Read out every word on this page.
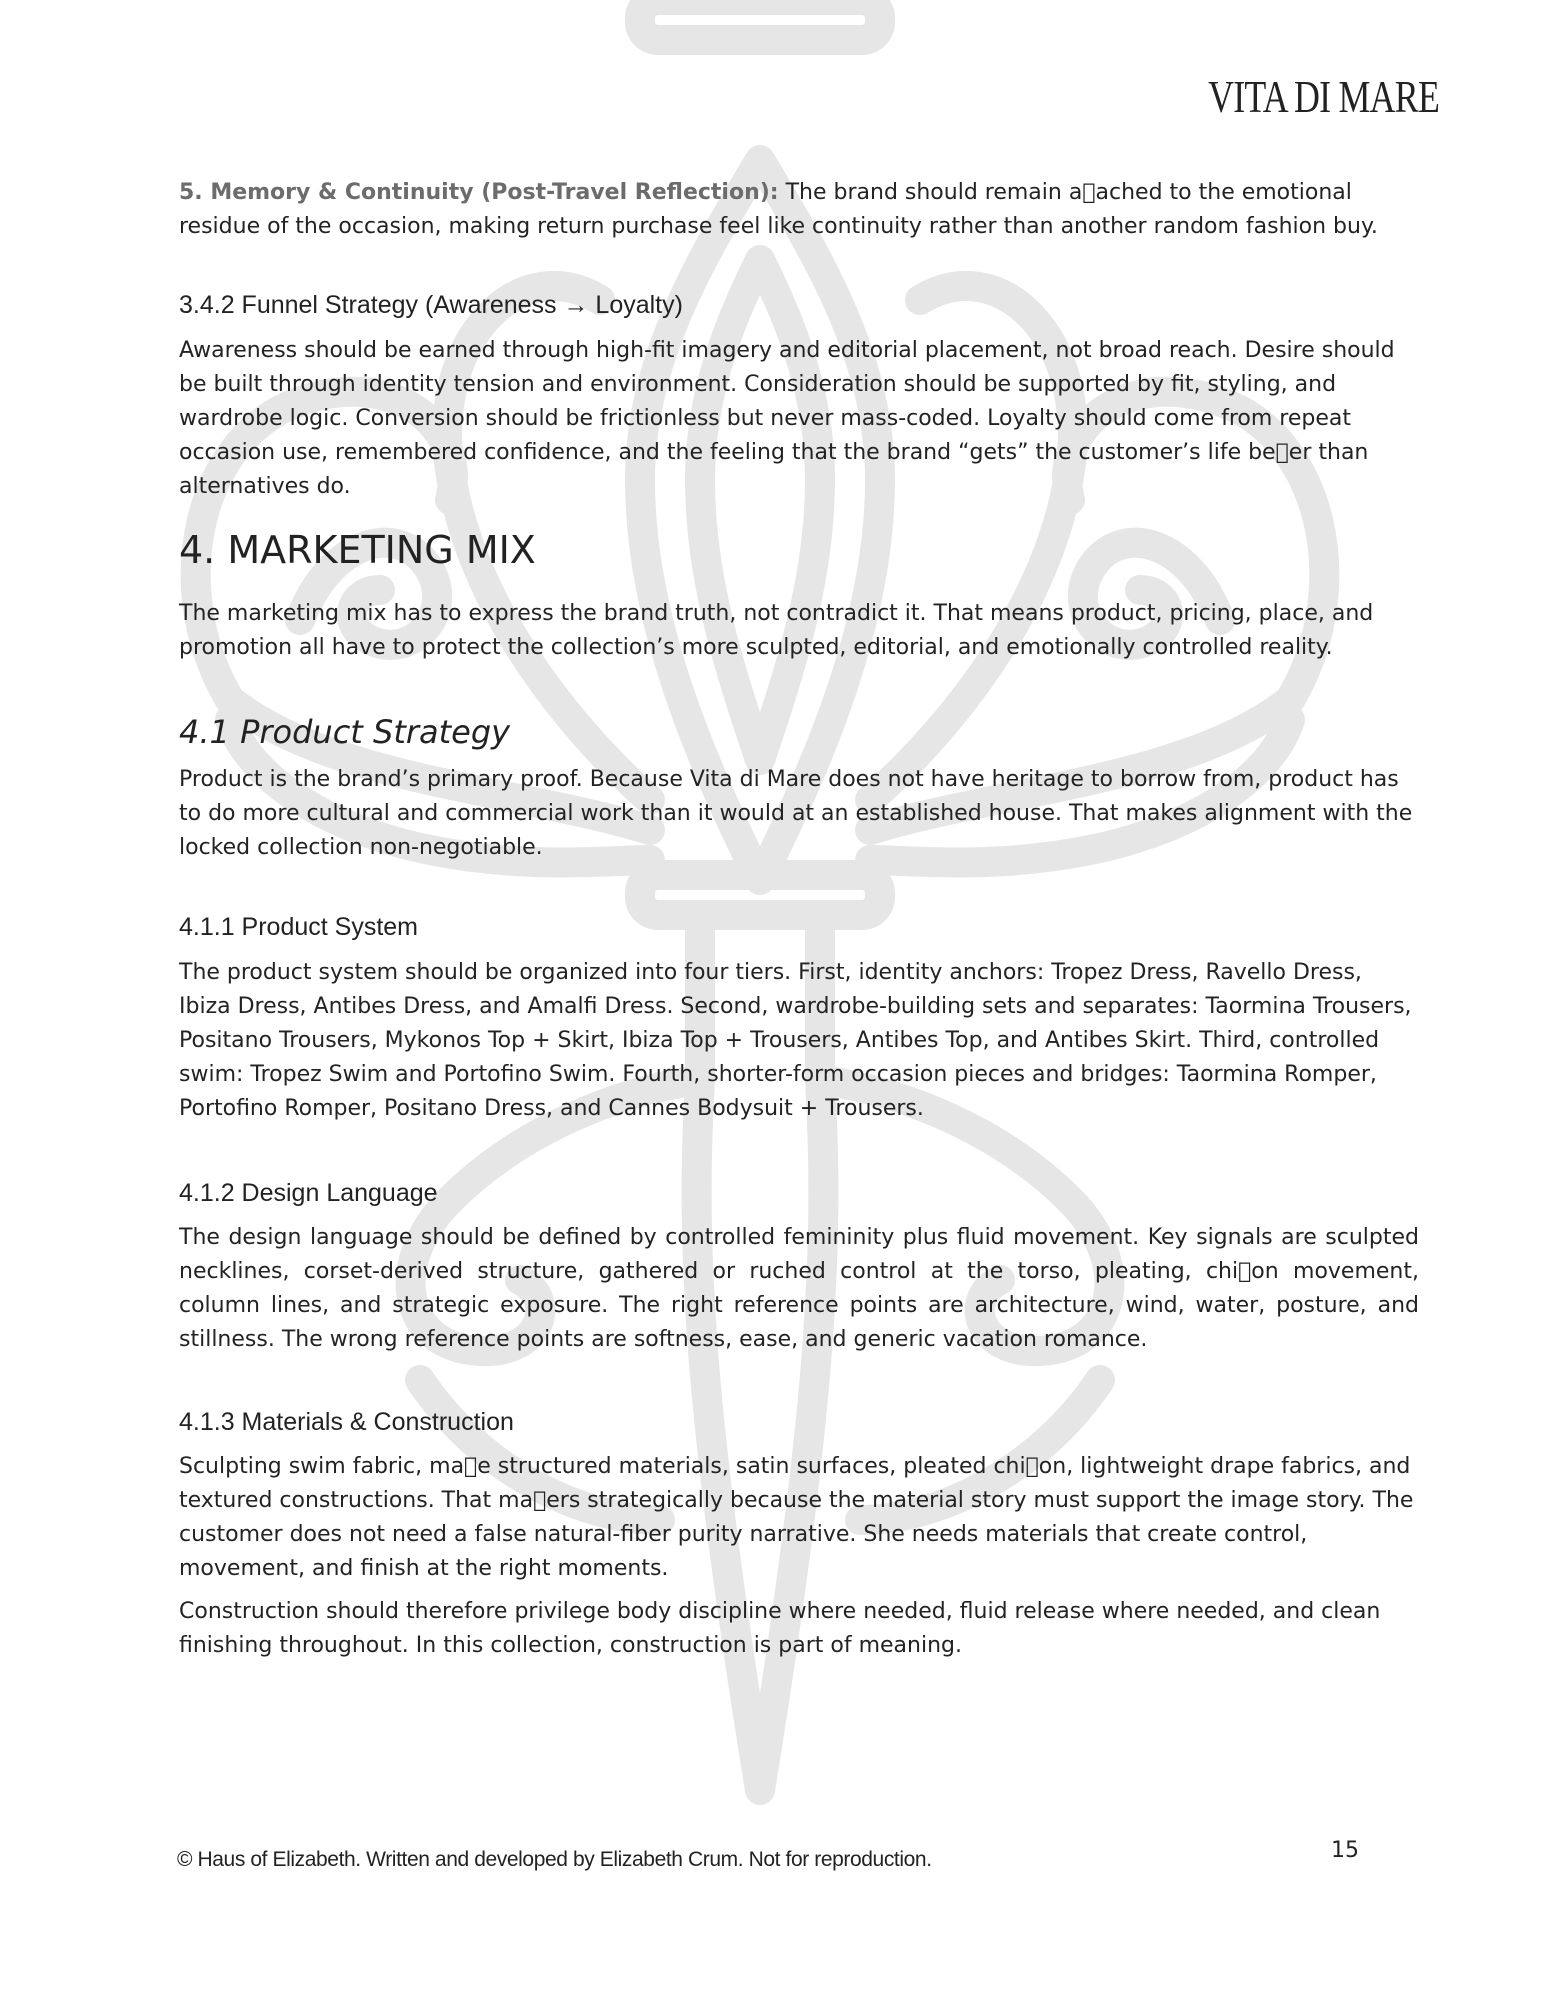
VITA DI MARE

5. Memory & Continuity (Post-Travel Reflection): The brand should remain a ached to the emotional residue of the occasion, making return purchase feel like continuity rather than another random fashion buy.

3.4.2 Funnel Strategy (Awareness → Loyalty)

Awareness should be earned through high-fit imagery and editorial placement, not broad reach. Desire should be built through identity tension and environment. Consideration should be supported by fit, styling, and wardrobe logic. Conversion should be frictionless but never mass-coded. Loyalty should come from repeat occasion use, remembered confidence, and the feeling that the brand “gets” the customer’s life be er than alternatives do.

4. MARKETING MIX

The marketing mix has to express the brand truth, not contradict it. That means product, pricing, place, and promotion all have to protect the collection’s more sculpted, editorial, and emotionally controlled reality.

4.1 Product Strategy

Product is the brand’s primary proof. Because Vita di Mare does not have heritage to borrow from, product has to do more cultural and commercial work than it would at an established house. That makes alignment with the locked collection non-negotiable.

4.1.1 Product System

The product system should be organized into four tiers. First, identity anchors: Tropez Dress, Ravello Dress, Ibiza Dress, Antibes Dress, and Amalfi Dress. Second, wardrobe-building sets and separates: Taormina Trousers, Positano Trousers, Mykonos Top + Skirt, Ibiza Top + Trousers, Antibes Top, and Antibes Skirt. Third, controlled swim: Tropez Swim and Portofino Swim. Fourth, shorter-form occasion pieces and bridges: Taormina Romper, Portofino Romper, Positano Dress, and Cannes Bodysuit + Trousers.

4.1.2 Design Language

The design language should be defined by controlled femininity plus fluid movement. Key signals are sculpted necklines, corset-derived structure, gathered or ruched control at the torso, pleating, chi on movement, column lines, and strategic exposure. The right reference points are architecture, wind, water, posture, and stillness. The wrong reference points are softness, ease, and generic vacation romance.

4.1.3 Materials & Construction

Sculpting swim fabric, ma e structured materials, satin surfaces, pleated chi on, lightweight drape fabrics, and textured constructions. That ma ers strategically because the material story must support the image story. The customer does not need a false natural-fiber purity narrative. She needs materials that create control, movement, and finish at the right moments.

Construction should therefore privilege body discipline where needed, fluid release where needed, and clean finishing throughout. In this collection, construction is part of meaning.

© Haus of Elizabeth. Written and developed by Elizabeth Crum. Not for reproduction.	15
